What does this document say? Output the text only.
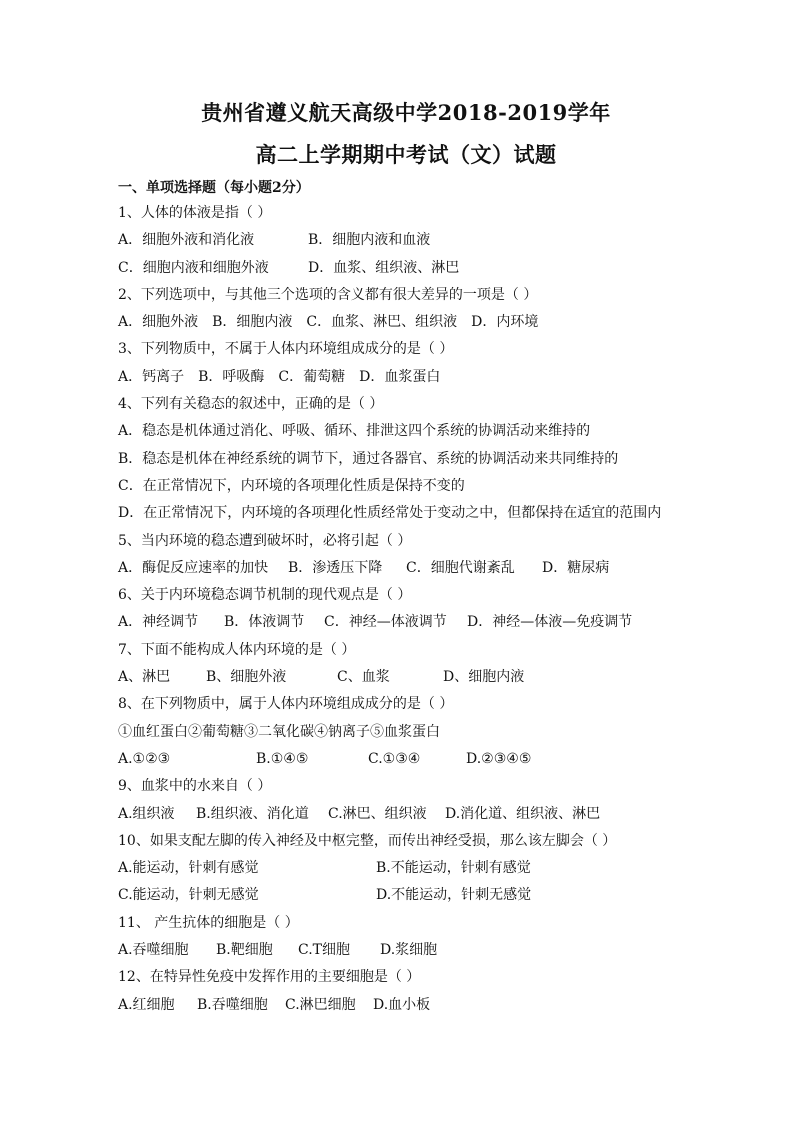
贵州省遵义航天高级中学2018-2019学年
高二上学期期中考试（文）试题
一、单项选择题（每小题2分）

1、人体的体液是指（ ）

A．细胞外液和消化液	B．细胞内液和血液
C．细胞内液和细胞外液	D．血浆、组织液、淋巴

2、下列选项中，与其他三个选项的含义都有很大差异的一项是（ ）

A．细胞外液 B．细胞内液 C．血浆、淋巴、组织液 D．内环境

3、下列物质中，不属于人体内环境组成成分的是（ ）

A．钙离子 B．呼吸酶 C．葡萄糖 D．血浆蛋白

4、下列有关稳态的叙述中，正确的是（ ）

A．稳态是机体通过消化、呼吸、循环、排泄这四个系统的协调活动来维持的

B．稳态是机体在神经系统的调节下，通过各器官、系统的协调活动来共同维持的

C．在正常情况下，内环境的各项理化性质是保持不变的

D．在正常情况下，内环境的各项理化性质经常处于变动之中，但都保持在适宜的范围内

5、当内环境的稳态遭到破坏时，必将引起（ ）

A．酶促反应速率的加快	B．渗透压下降	C．细胞代谢紊乱	D．糖尿病

6、关于内环境稳态调节机制的现代观点是（ ）

A．神经调节	B．体液调节	C．神经—体液调节	D．神经—体液—免疫调节

7、下面不能构成人体内环境的是（ ）

A、淋巴	B、细胞外液	C、血浆	D、细胞内液

8、在下列物质中，属于人体内环境组成成分的是（ ）

①血红蛋白②葡萄糖③二氧化碳④钠离子⑤血浆蛋白

A.①②③	B.①④⑤	C.①③④	D.②③④⑤

9、血浆中的水来自（ ）

A.组织液	B.组织液、消化道	C.淋巴、组织液	D.消化道、组织液、淋巴

10、如果支配左脚的传入神经及中枢完整，而传出神经受损，那么该左脚会（ ）

A.能运动，针刺有感觉	B.不能运动，针刺有感觉
C.能运动，针刺无感觉	D.不能运动，针刺无感觉

11、 产生抗体的细胞是（ ）

A.吞噬细胞	B.靶细胞	C.T细胞	D.浆细胞

12、在特异性免疫中发挥作用的主要细胞是（ ）

A.红细胞	B.吞噬细胞	C.淋巴细胞	D.血小板
